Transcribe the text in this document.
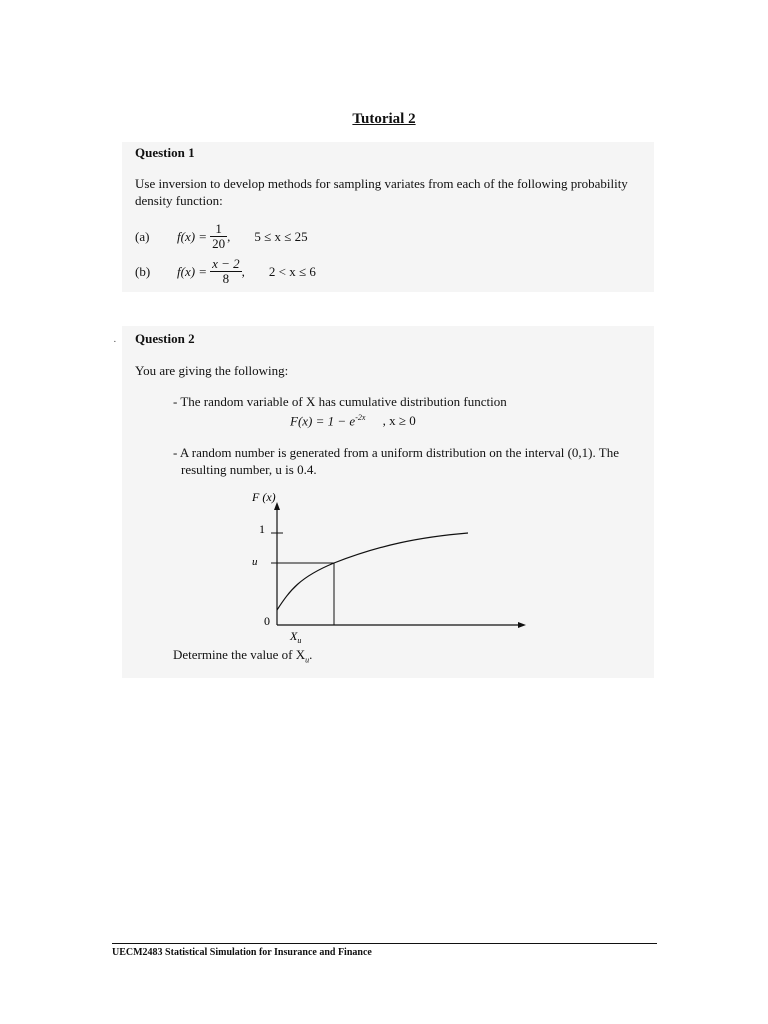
Tutorial 2
Question 1
Use inversion to develop methods for sampling variates from each of the following probability
density function:
(a)	$f(x) = \frac{1}{20}$ , 5 ≤ x ≤ 25
(b)	$f(x) = \frac{x - 2}{8}$ , 2 < x ≤ 6
· Question 2
You are giving the following:
- The random variable of X has cumulative distribution function
$F(x) = 1 - e^{-2x}$ , x ≥ 0
- A random number is generated from a uniform distribution on the interval (0,1). The
resulting number, u is 0.4.
F (x)
1
u
0
$X_u$
Determine the value of $X_u$.
UECM2483 Statistical Simulation for Insurance and Finance
